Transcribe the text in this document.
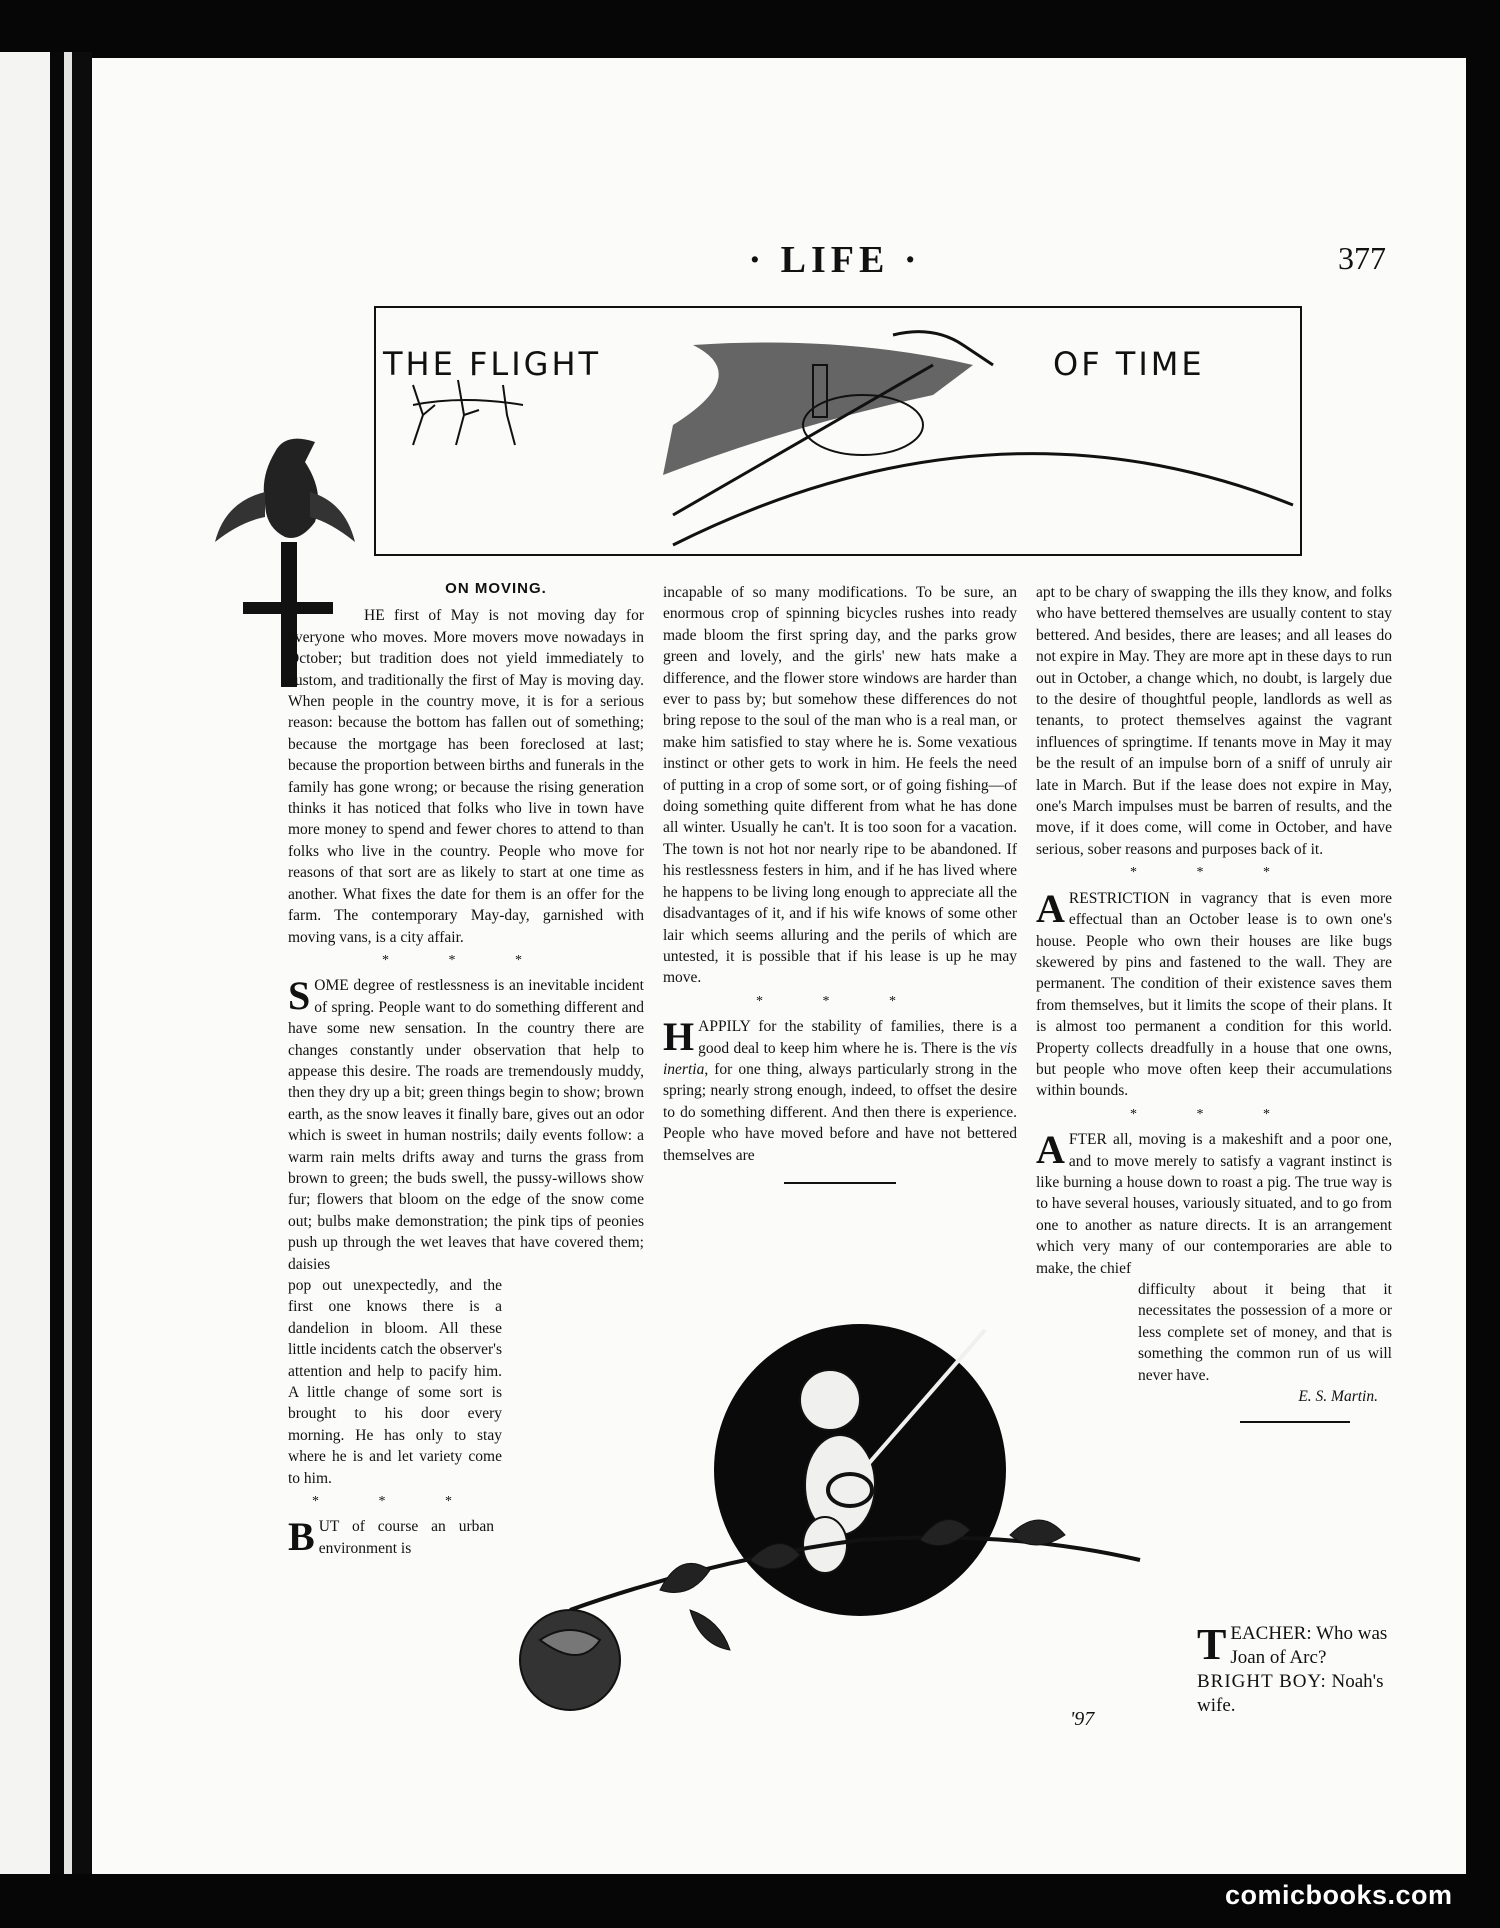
· LIFE ·	377
THE FLIGHT	OF TIME
ON MOVING.

HE first of May is not moving day for everyone who moves. More movers move nowadays in October; but tradition does not yield immediately to custom, and traditionally the first of May is moving day. When people in the country move, it is for a serious reason: because the bottom has fallen out of something; because the mortgage has been foreclosed at last; because the proportion between births and funerals in the family has gone wrong; or because the rising generation thinks it has noticed that folks who live in town have more money to spend and fewer chores to attend to than folks who live in the country. People who move for reasons of that sort are as likely to start at one time as another. What fixes the date for them is an offer for the farm. The contemporary May-day, garnished with moving vans, is a city affair.

* * *

SOME degree of restlessness is an inevitable incident of spring. People want to do something different and have some new sensation. In the country there are changes constantly under observation that help to appease this desire. The roads are tremendously muddy, then they dry up a bit; green things begin to show; brown earth, as the snow leaves it finally bare, gives out an odor which is sweet in human nostrils; daily events follow: a warm rain melts drifts away and turns the grass from brown to green; the buds swell, the pussy-willows show fur; flowers that bloom on the edge of the snow come out; bulbs make demonstration; the pink tips of peonies push up through the wet leaves that have covered them; daisies

pop out unexpectedly, and the first one knows there is a dandelion in bloom. All these little incidents catch the observer's attention and help to pacify him. A little change of some sort is brought to his door every morning. He has only to stay where he is and let variety come to him.

* * *

BUT of course an urban environment is

incapable of so many modifications. To be sure, an enormous crop of spinning bicycles rushes into ready made bloom the first spring day, and the parks grow green and lovely, and the girls' new hats make a difference, and the flower store windows are harder than ever to pass by; but somehow these differences do not bring repose to the soul of the man who is a real man, or make him satisfied to stay where he is. Some vexatious instinct or other gets to work in him. He feels the need of putting in a crop of some sort, or of going fishing—of doing something quite different from what he has done all winter. Usually he can't. It is too soon for a vacation. The town is not hot nor nearly ripe to be abandoned. If his restlessness festers in him, and if he has lived where he happens to be living long enough to appreciate all the disadvantages of it, and if his wife knows of some other lair which seems alluring and the perils of which are untested, it is possible that if his lease is up he may move.

* * *

HAPPILY for the stability of families, there is a good deal to keep him where he is. There is the vis inertia, for one thing, always particularly strong in the spring; nearly strong enough, indeed, to offset the desire to do something different. And then there is experience. People who have moved before and have not bettered themselves are

apt to be chary of swapping the ills they know, and folks who have bettered themselves are usually content to stay bettered. And besides, there are leases; and all leases do not expire in May. They are more apt in these days to run out in October, a change which, no doubt, is largely due to the desire of thoughtful people, landlords as well as tenants, to protect themselves against the vagrant influences of springtime. If tenants move in May it may be the result of an impulse born of a sniff of unruly air late in March. But if the lease does not expire in May, one's March impulses must be barren of results, and the move, if it does come, will come in October, and have serious, sober reasons and purposes back of it.

* * *

ARESTRICTION in vagrancy that is even more effectual than an October lease is to own one's house. People who own their houses are like bugs skewered by pins and fastened to the wall. They are permanent. The condition of their existence saves them from themselves, but it limits the scope of their plans. It is almost too permanent a condition for this world. Property collects dreadfully in a house that one owns, but people who move often keep their accumulations within bounds.

* * *

AFTER all, moving is a makeshift and a poor one, and to move merely to satisfy a vagrant instinct is like burning a house down to roast a pig. The true way is to have several houses, variously situated, and to go from one to another as nature directs. It is an arrangement which very many of our contemporaries are able to make, the chief

difficulty about it being that it necessitates the possession of a more or less complete set of money, and that is something the common run of us will never have.

E. S. Martin.
'97

TEACHER: Who was Joan of Arc?

BRIGHT BOY: Noah's wife.

comicbooks.com
